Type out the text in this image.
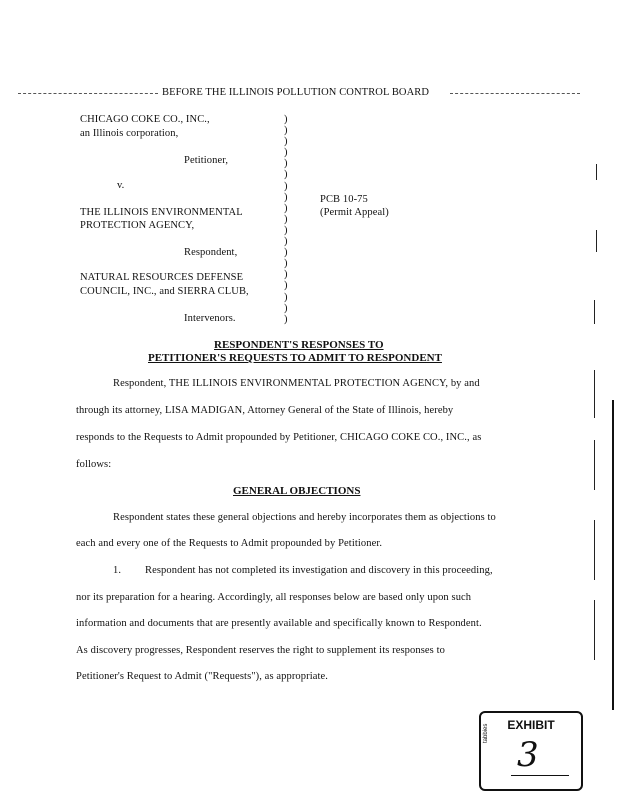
BEFORE THE ILLINOIS POLLUTION CONTROL BOARD
CHICAGO COKE CO., INC.,
an Illinois corporation,
Petitioner,
v.
THE ILLINOIS ENVIRONMENTAL
PROTECTION AGENCY,
Respondent,
NATURAL RESOURCES DEFENSE
COUNCIL, INC., and SIERRA CLUB,
Intervenors.
)
)
)
)
)
)
)
)
)
)
)
)
)
)
)
)
)
)
)
PCB 10-75
(Permit Appeal)
RESPONDENT'S RESPONSES TO
PETITIONER'S REQUESTS TO ADMIT TO RESPONDENT
Respondent, THE ILLINOIS ENVIRONMENTAL PROTECTION AGENCY, by and
through its attorney, LISA MADIGAN, Attorney General of the State of Illinois, hereby
responds to the Requests to Admit propounded by Petitioner, CHICAGO COKE CO., INC., as
follows:
GENERAL OBJECTIONS
Respondent states these general objections and hereby incorporates them as objections to
each and every one of the Requests to Admit propounded by Petitioner.
1. Respondent has not completed its investigation and discovery in this proceeding,
nor its preparation for a hearing. Accordingly, all responses below are based only upon such
information and documents that are presently available and specifically known to Respondent.
As discovery progresses, Respondent reserves the right to supplement its responses to
Petitioner's Request to Admit ("Requests"), as appropriate.
EXHIBIT
tabbies
3
